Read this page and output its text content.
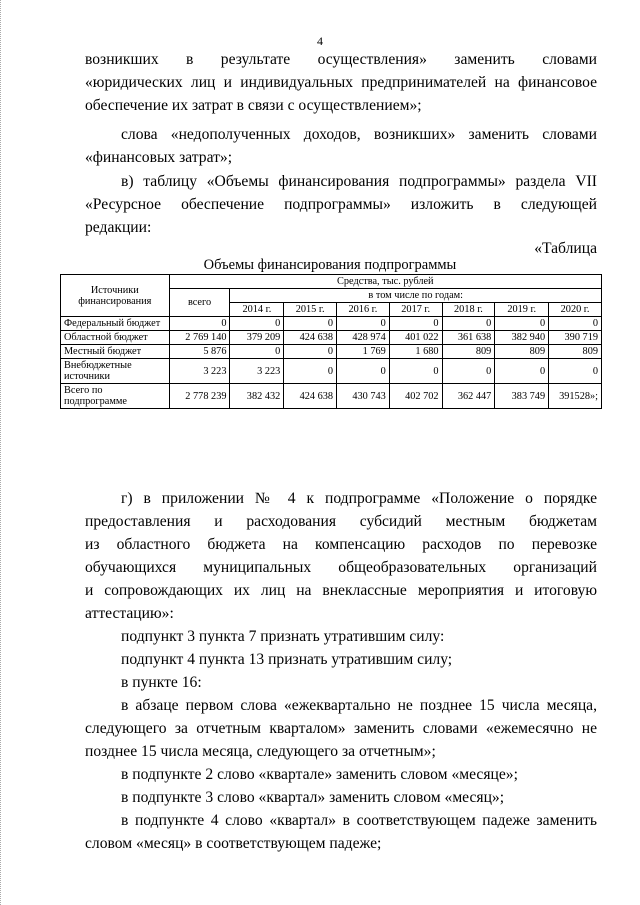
4
возникших в результате осуществления» заменить словами
«юридических лиц и индивидуальных предпринимателей на финансовое
обеспечение их затрат в связи с осуществлением»;
слова «недополученных доходов, возникших» заменить словами
«финансовых затрат»;
в) таблицу «Объемы финансирования подпрограммы» раздела VII
«Ресурсное обеспечение подпрограммы» изложить в следующей
редакции:
«Таблица
Объемы финансирования подпрограммы
Источники финансирования	Средства, тыс. рублей							
	всего	в том числе по годам:						
		2014 г.	2015 г.	2016 г.	2017 г.	2018 г.	2019 г.	2020 г.
Федеральный бюджет	0	0	0	0	0	0	0	0
Областной бюджет	2 769 140	379 209	424 638	428 974	401 022	361 638	382 940	390 719
Местный бюджет	5 876	0	0	1 769	1 680	809	809	809
Внебюджетные источники	3 223	3 223	0	0	0	0	0	0
Всего по подпрограмме	2 778 239	382 432	424 638	430 743	402 702	362 447	383 749	391528»;
г) в приложении № 4 к подпрограмме «Положение о порядке
предоставления и расходования субсидий местным бюджетам
из областного бюджета на компенсацию расходов по перевозке
обучающихся муниципальных общеобразовательных организаций
и сопровождающих их лиц на внеклассные мероприятия и итоговую
аттестацию»:
подпункт 3 пункта 7 признать утратившим силу:
подпункт 4 пункта 13 признать утратившим силу;
в пункте 16:
в абзаце первом слова «ежеквартально не позднее 15 числа месяца,
следующего за отчетным кварталом» заменить словами «ежемесячно не
позднее 15 числа месяца, следующего за отчетным»;
в подпункте 2 слово «квартале» заменить словом «месяце»;
в подпункте 3 слово «квартал» заменить словом «месяц»;
в подпункте 4 слово «квартал» в соответствующем падеже заменить
словом «месяц» в соответствующем падеже;
